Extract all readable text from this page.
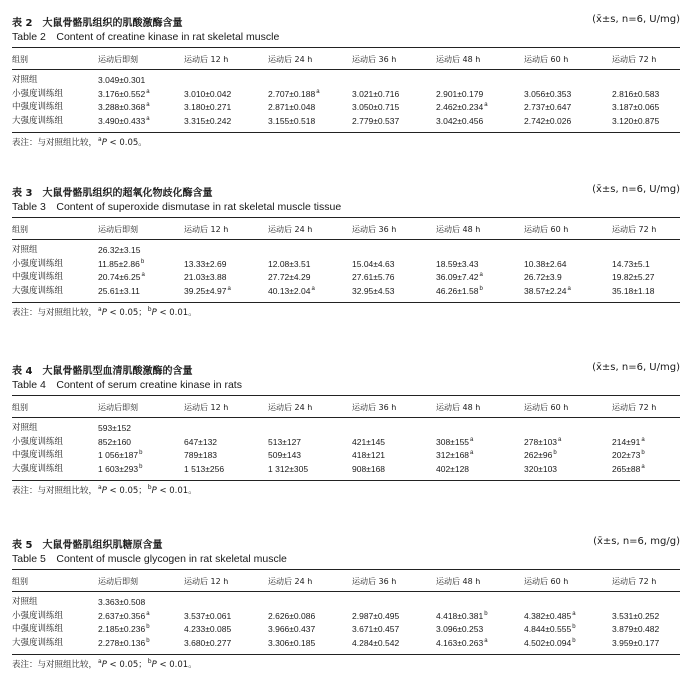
表 2　大鼠骨骼肌组织的肌酸激酶含量	(x̄±s, n=6, U/mg)
Table 2　Content of creatine kinase in rat skeletal muscle
组别	运动后即刻	运动后 12 h	运动后 24 h	运动后 36 h	运动后 48 h	运动后 60 h	运动后 72 h
对照组	3.049±0.301
小强度训练组	3.176±0.552$^a$	3.010±0.042	2.707±0.188$^a$	3.021±0.716	2.901±0.179	3.056±0.353	2.816±0.583
中强度训练组	3.288±0.368$^a$	3.180±0.271	2.871±0.048	3.050±0.715	2.462±0.234$^a$	2.737±0.647	3.187±0.065
大强度训练组	3.490±0.433$^a$	3.315±0.242	3.155±0.518	2.779±0.537	3.042±0.456	2.742±0.026	3.120±0.875
表注：与对照组比较，$^a$P < 0.05。
表 3　大鼠骨骼肌组织的超氧化物歧化酶含量	(x̄±s, n=6, U/mg)
Table 3　Content of superoxide dismutase in rat skeletal muscle tissue
组别	运动后即刻	运动后 12 h	运动后 24 h	运动后 36 h	运动后 48 h	运动后 60 h	运动后 72 h
对照组	26.32±3.15
小强度训练组	11.85±2.86$^b$	13.33±2.69	12.08±3.51	15.04±4.63	18.59±3.43	10.38±2.64	14.73±5.1
中强度训练组	20.74±6.25$^a$	21.03±3.88	27.72±4.29	27.61±5.76	36.09±7.42$^a$	26.72±3.9	19.82±5.27
大强度训练组	25.61±3.11	39.25±4.97$^a$	40.13±2.04$^a$	32.95±4.53	46.26±1.58$^b$	38.57±2.24$^a$	35.18±1.18
表注：与对照组比较，$^a$P < 0.05；$^b$P < 0.01。
表 4　大鼠骨骼肌型血清肌酸激酶的含量	(x̄±s, n=6, U/mg)
Table 4　Content of serum creatine kinase in rats
组别	运动后即刻	运动后 12 h	运动后 24 h	运动后 36 h	运动后 48 h	运动后 60 h	运动后 72 h
对照组	593±152
小强度训练组	852±160	647±132	513±127	421±145	$308\pm 155^a$	$278\pm 103^a$	$214\pm 91^a$
中强度训练组	1 $056\pm 187^b$	789±183	509±143	418±121	$312\pm 168^a$	$262\pm 96^b$	$202\pm 73^b$
大强度训练组	1 $603\pm 293^b$	1 513±256	1 312±305	908±168	402±128	320±103	$265\pm 88^a$
表注：与对照组比较，$^a$P < 0.05；$^b$P < 0.01。
表 5　大鼠骨骼肌组织肌糖原含量	(x̄±s, n=6, mg/g)
Table 5　Content of muscle glycogen in rat skeletal muscle
组别	运动后即刻	运动后 12 h	运动后 24 h	运动后 36 h	运动后 48 h	运动后 60 h	运动后 72 h
对照组	3.363±0.508
小强度训练组	2.637±0.356$^a$	3.537±0.061	2.626±0.086	2.987±0.495	4.418±0.381$^b$	4.382±0.485$^a$	3.531±0.252
中强度训练组	2.185±0.236$^b$	4.233±0.085	3.966±0.437	3.671±0.457	3.096±0.253	4.844±0.555$^b$	3.879±0.482
大强度训练组	2.278±0.136$^b$	3.680±0.277	3.306±0.185	4.284±0.542	4.163±0.263$^a$	4.502±0.094$^b$	3.959±0.177
表注：与对照组比较，$^a$P < 0.05；$^b$P < 0.01。
